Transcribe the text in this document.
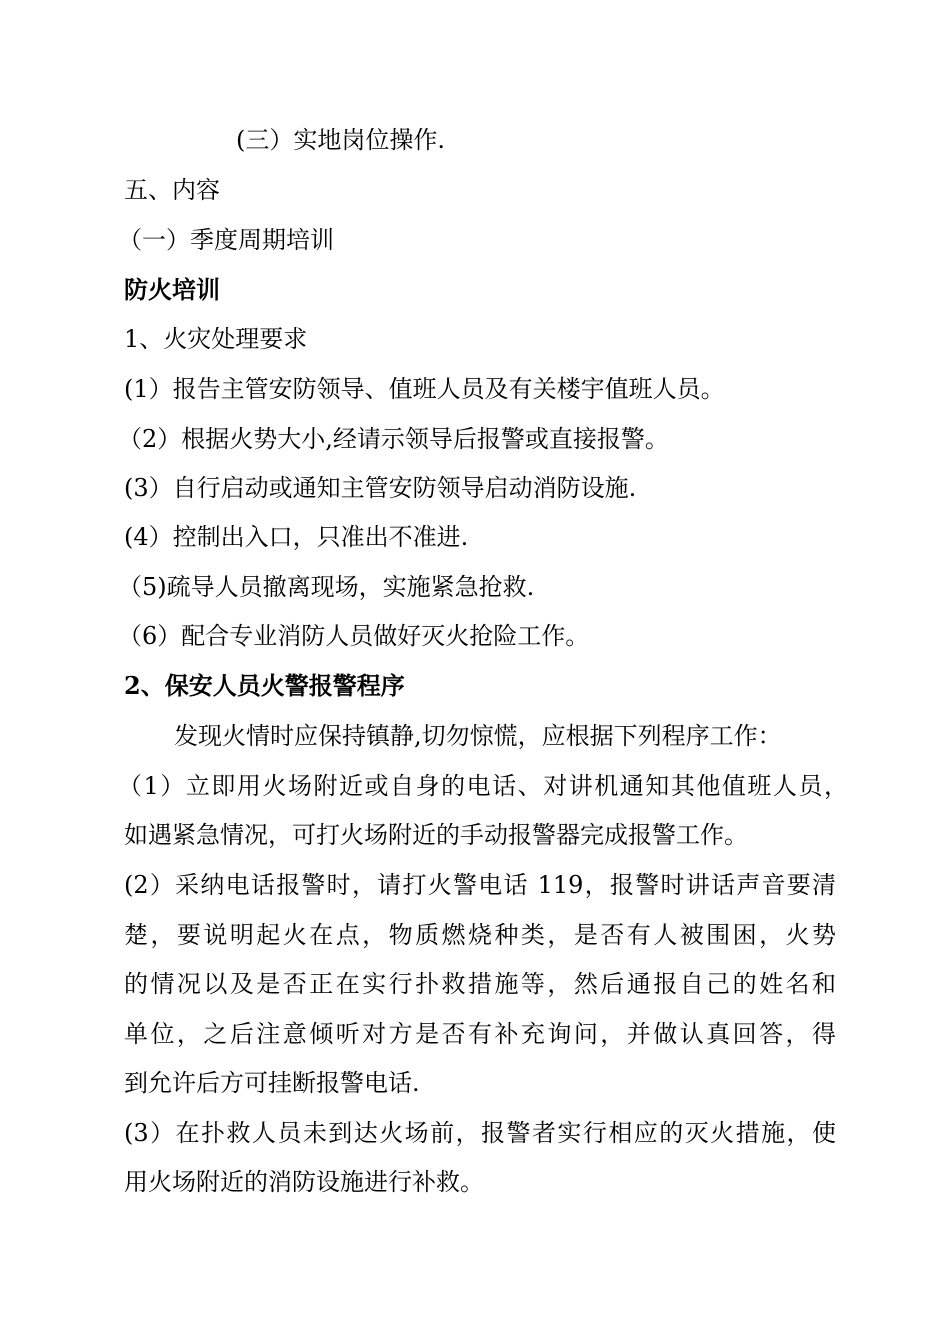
(三）实地岗位操作.
五、内容
（一）季度周期培训
防火培训
1、火灾处理要求
(1）报告主管安防领导、值班人员及有关楼宇值班人员。
（2）根据火势大小,经请示领导后报警或直接报警。
(3）自行启动或通知主管安防领导启动消防设施.
(4）控制出入口，只准出不准进.
（5)疏导人员撤离现场，实施紧急抢救.
（6）配合专业消防人员做好灭火抢险工作。
2、保安人员火警报警程序
发现火情时应保持镇静,切勿惊慌，应根据下列程序工作：
（1）立即用火场附近或自身的电话、对讲机通知其他值班人员，
如遇紧急情况，可打火场附近的手动报警器完成报警工作。
(2）采纳电话报警时，请打火警电话 119，报警时讲话声音要清
楚，要说明起火在点，物质燃烧种类，是否有人被围困，火势
的情况以及是否正在实行扑救措施等，然后通报自己的姓名和
单位，之后注意倾听对方是否有补充询问，并做认真回答，得
到允许后方可挂断报警电话.
(3）在扑救人员未到达火场前，报警者实行相应的灭火措施，使
用火场附近的消防设施进行补救。
